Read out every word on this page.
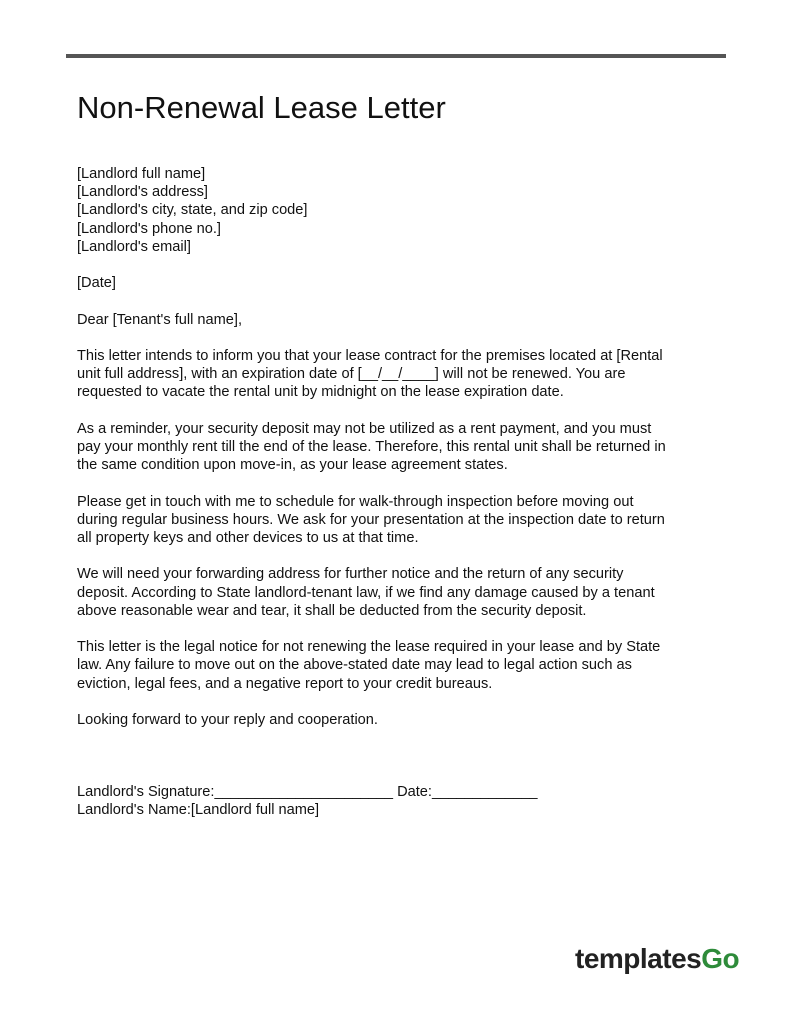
Non-Renewal Lease Letter
[Landlord full name]
[Landlord's address]
[Landlord's city, state, and zip code]
[Landlord's phone no.]
[Landlord's email]
[Date]
Dear [Tenant's full name],
This letter intends to inform you that your lease contract for the premises located at [Rental
unit full address], with an expiration date of [__/__/____] will not be renewed. You are
requested to vacate the rental unit by midnight on the lease expiration date.
As a reminder, your security deposit may not be utilized as a rent payment, and you must
pay your monthly rent till the end of the lease. Therefore, this rental unit shall be returned in
the same condition upon move-in, as your lease agreement states.
Please get in touch with me to schedule for walk-through inspection before moving out
during regular business hours. We ask for your presentation at the inspection date to return
all property keys and other devices to us at that time.
We will need your forwarding address for further notice and the return of any security
deposit. According to State landlord-tenant law, if we find any damage caused by a tenant
above reasonable wear and tear, it shall be deducted from the security deposit.
This letter is the legal notice for not renewing the lease required in your lease and by State
law. Any failure to move out on the above-stated date may lead to legal action such as
eviction, legal fees, and a negative report to your credit bureaus.
Looking forward to your reply and cooperation.
Landlord's Signature:______________________ Date:_____________
Landlord's Name:[Landlord full name]
templatesGo
